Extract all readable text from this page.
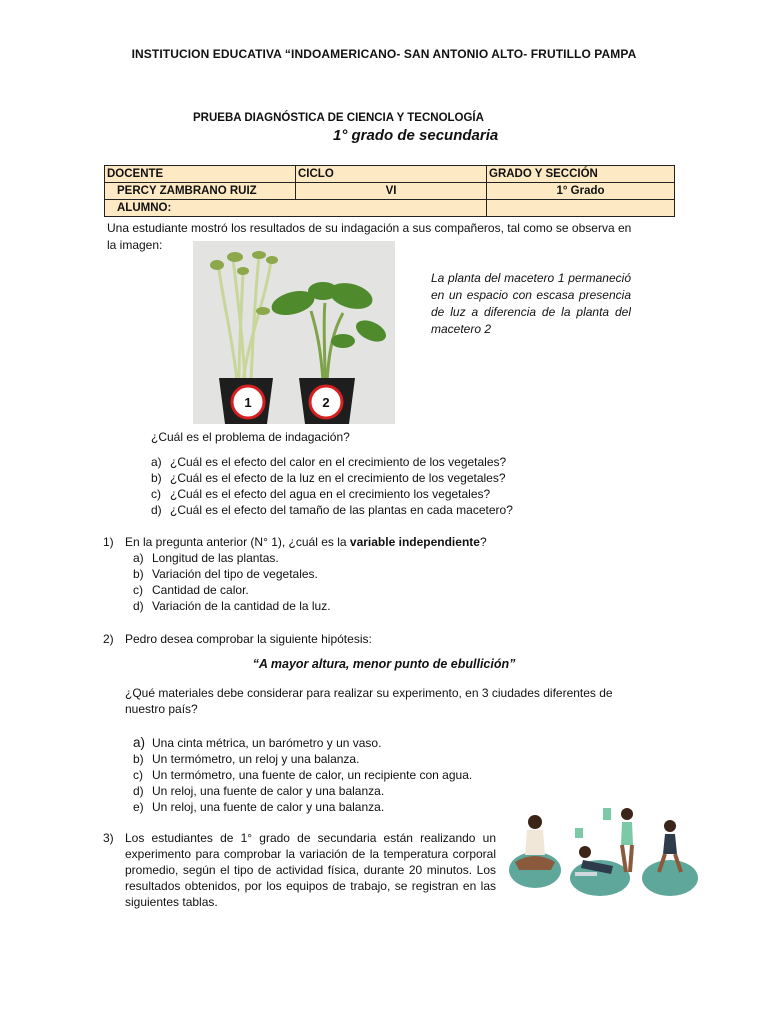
INSTITUCION EDUCATIVA “INDOAMERICANO- SAN ANTONIO ALTO- FRUTILLO PAMPA
PRUEBA DIAGNÓSTICA DE CIENCIA Y TECNOLOGÍA
1° grado de secundaria
DOCENTE	CICLO	GRADO Y SECCIÓN
PERCY ZAMBRANO RUIZ	VI	1° Grado
ALUMNO:		
Una estudiante mostró los resultados de su indagación a sus compañeros, tal como se observa en
la imagen:
1	2
La planta del macetero 1 permaneció en un espacio con escasa presencia de luz a diferencia de la planta del macetero 2
¿Cuál es el problema de indagación?
a) ¿Cuál es el efecto del calor en el crecimiento de los vegetales?
b) ¿Cuál es el efecto de la luz en el crecimiento de los vegetales?
c) ¿Cuál es el efecto del agua en el crecimiento los vegetales?
d) ¿Cuál es el efecto del tamaño de las plantas en cada macetero?
1) En la pregunta anterior (N° 1), ¿cuál es la variable independiente?
a) Longitud de las plantas.
b) Variación del tipo de vegetales.
c) Cantidad de calor.
d) Variación de la cantidad de la luz.
2) Pedro desea comprobar la siguiente hipótesis:
“A mayor altura, menor punto de ebullición”
¿Qué materiales debe considerar para realizar su experimento, en 3 ciudades diferentes de
nuestro país?
a) Una cinta métrica, un barómetro y un vaso.
b) Un termómetro, un reloj y una balanza.
c) Un termómetro, una fuente de calor, un recipiente con agua.
d) Un reloj, una fuente de calor y una balanza.
e) Un reloj, una fuente de calor y una balanza.
3) Los estudiantes de 1° grado de secundaria están realizando un experimento para comprobar la variación de la temperatura corporal promedio, según el tipo de actividad física, durante 20 minutos. Los resultados obtenidos, por los equipos de trabajo, se registran en las siguientes tablas.
